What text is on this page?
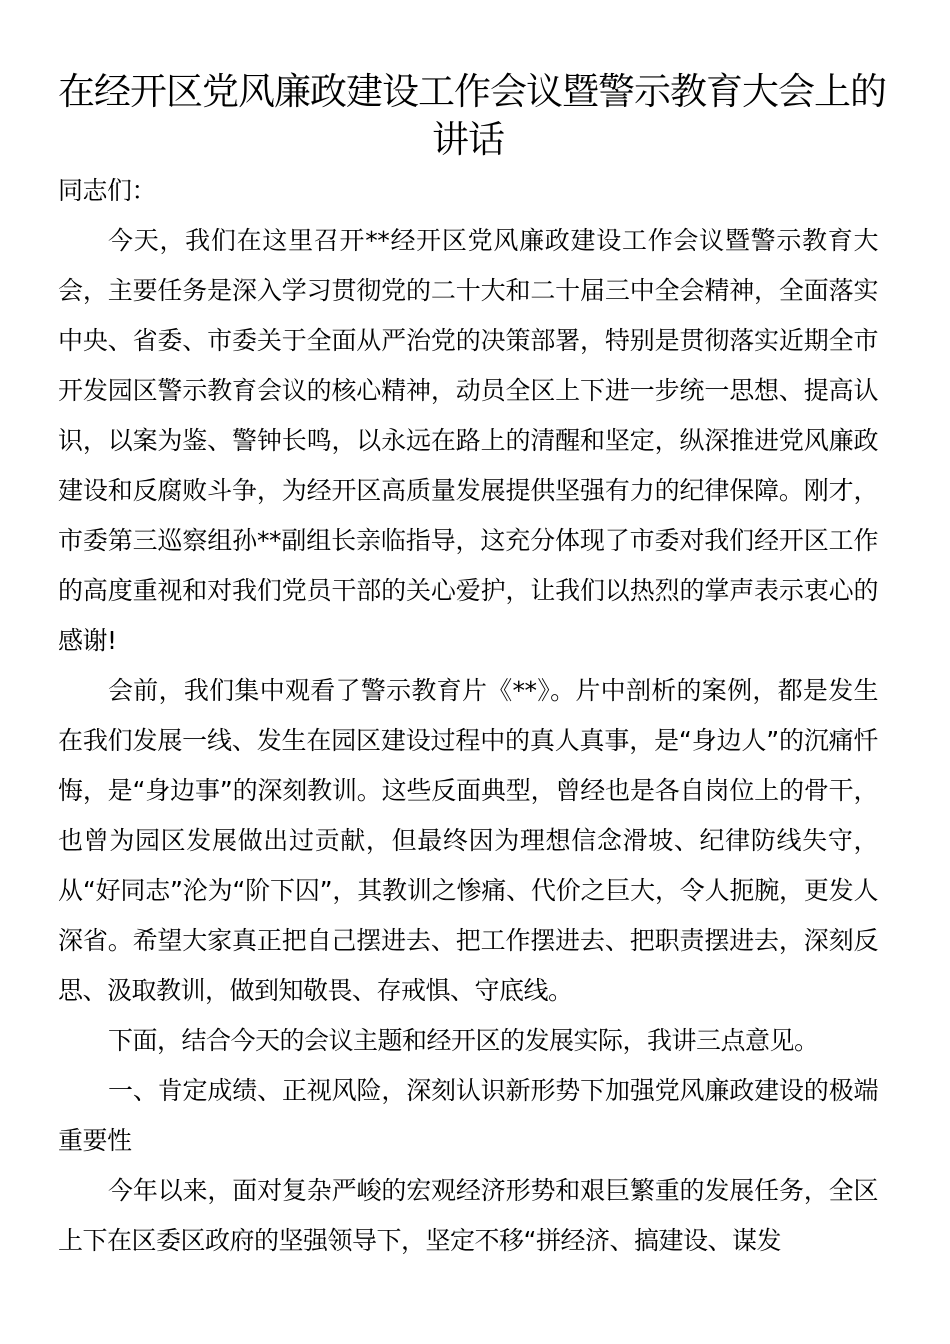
在经开区党风廉政建设工作会议暨警示教育大会上的
讲话

同志们：

今天，我们在这里召开**经开区党风廉政建设工作会议暨警示教育大会，主要任务是深入学习贯彻党的二十大和二十届三中全会精神，全面落实中央、省委、市委关于全面从严治党的决策部署，特别是贯彻落实近期全市开发园区警示教育会议的核心精神，动员全区上下进一步统一思想、提高认识，以案为鉴、警钟长鸣，以永远在路上的清醒和坚定，纵深推进党风廉政建设和反腐败斗争，为经开区高质量发展提供坚强有力的纪律保障。刚才，市委第三巡察组孙**副组长亲临指导，这充分体现了市委对我们经开区工作的高度重视和对我们党员干部的关心爱护，让我们以热烈的掌声表示衷心的感谢!

会前，我们集中观看了警示教育片《**》。片中剖析的案例，都是发生在我们发展一线、发生在园区建设过程中的真人真事，是“身边人”的沉痛忏悔，是“身边事”的深刻教训。这些反面典型，曾经也是各自岗位上的骨干，也曾为园区发展做出过贡献，但最终因为理想信念滑坡、纪律防线失守，从“好同志”沦为“阶下囚”，其教训之惨痛、代价之巨大，令人扼腕，更发人深省。希望大家真正把自己摆进去、把工作摆进去、把职责摆进去，深刻反思、汲取教训，做到知敬畏、存戒惧、守底线。

下面，结合今天的会议主题和经开区的发展实际，我讲三点意见。

一、肯定成绩、正视风险，深刻认识新形势下加强党风廉政建设的极端重要性

今年以来，面对复杂严峻的宏观经济形势和艰巨繁重的发展任务，全区上下在区委区政府的坚强领导下，坚定不移“拼经济、搞建设、谋发
